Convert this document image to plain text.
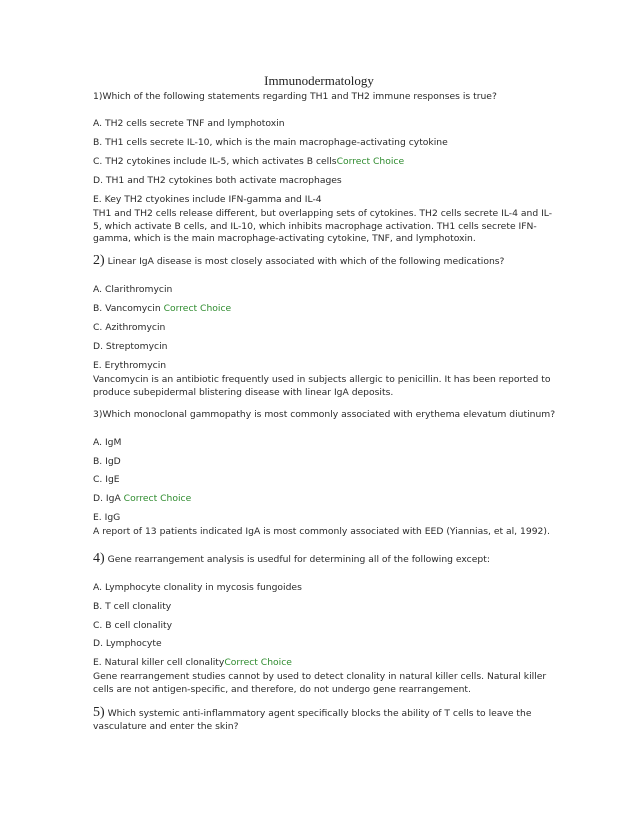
Immunodermatology
1)Which of the following statements regarding TH1 and TH2 immune responses is true?
A. TH2 cells secrete TNF and lymphotoxin
B. TH1 cells secrete IL-10, which is the main macrophage-activating cytokine
C. TH2 cytokines include IL-5, which activates B cellsCorrect Choice
D. TH1 and TH2 cytokines both activate macrophages
E. Key TH2 ctyokines include IFN-gamma and IL-4
TH1 and TH2 cells release different, but overlapping sets of cytokines. TH2 cells secrete IL-4 and IL-5, which activate B cells, and IL-10, which inhibits macrophage activation. TH1 cells secrete IFN-gamma, which is the main macrophage-activating cytokine, TNF, and lymphotoxin.
2) Linear IgA disease is most closely associated with which of the following medications?
A. Clarithromycin
B. Vancomycin Correct Choice
C. Azithromycin
D. Streptomycin
E. Erythromycin
Vancomycin is an antibiotic frequently used in subjects allergic to penicillin. It has been reported to produce subepidermal blistering disease with linear IgA deposits.
3)Which monoclonal gammopathy is most commonly associated with erythema elevatum diutinum?
A. IgM
B. IgD
C. IgE
D. IgA Correct Choice
E. IgG
A report of 13 patients indicated IgA is most commonly associated with EED (Yiannias, et al, 1992).
4) Gene rearrangement analysis is usedful for determining all of the following except:
A. Lymphocyte clonality in mycosis fungoides
B. T cell clonality
C. B cell clonality
D. Lymphocyte
E. Natural killer cell clonalityCorrect Choice
Gene rearrangement studies cannot by used to detect clonality in natural killer cells. Natural killer cells are not antigen-specific, and therefore, do not undergo gene rearrangement.
5) Which systemic anti-inflammatory agent specifically blocks the ability of T cells to leave the vasculature and enter the skin?
